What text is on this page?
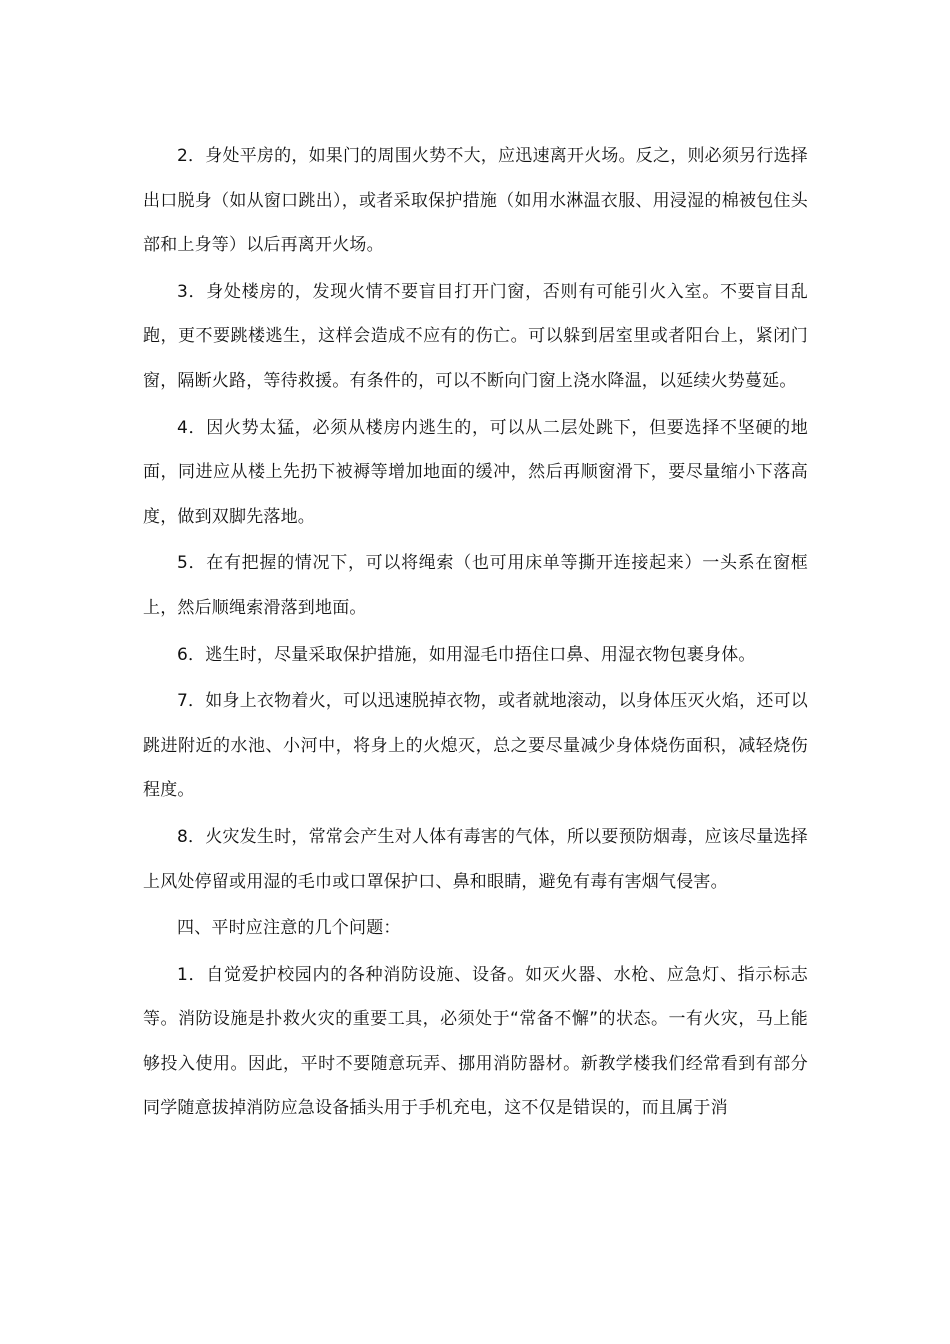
2．身处平房的，如果门的周围火势不大，应迅速离开火场。反之，则必须另行选择出口脱身（如从窗口跳出），或者采取保护措施（如用水淋温衣服、用浸湿的棉被包住头部和上身等）以后再离开火场。

3．身处楼房的，发现火情不要盲目打开门窗，否则有可能引火入室。不要盲目乱跑，更不要跳楼逃生，这样会造成不应有的伤亡。可以躲到居室里或者阳台上，紧闭门窗，隔断火路，等待救援。有条件的，可以不断向门窗上浇水降温，以延续火势蔓延。

4．因火势太猛，必须从楼房内逃生的，可以从二层处跳下，但要选择不坚硬的地面，同进应从楼上先扔下被褥等增加地面的缓冲，然后再顺窗滑下，要尽量缩小下落高度，做到双脚先落地。

5．在有把握的情况下，可以将绳索（也可用床单等撕开连接起来）一头系在窗框上，然后顺绳索滑落到地面。

6．逃生时，尽量采取保护措施，如用湿毛巾捂住口鼻、用湿衣物包裹身体。

7．如身上衣物着火，可以迅速脱掉衣物，或者就地滚动，以身体压灭火焰，还可以跳进附近的水池、小河中，将身上的火熄灭，总之要尽量减少身体烧伤面积，减轻烧伤程度。

8．火灾发生时，常常会产生对人体有毒害的气体，所以要预防烟毒，应该尽量选择上风处停留或用湿的毛巾或口罩保护口、鼻和眼睛，避免有毒有害烟气侵害。

四、平时应注意的几个问题：

1．自觉爱护校园内的各种消防设施、设备。如灭火器、水枪、应急灯、指示标志等。消防设施是扑救火灾的重要工具，必须处于“常备不懈”的状态。一有火灾，马上能够投入使用。因此，平时不要随意玩弄、挪用消防器材。新教学楼我们经常看到有部分同学随意拔掉消防应急设备插头用于手机充电，这不仅是错误的，而且属于消
